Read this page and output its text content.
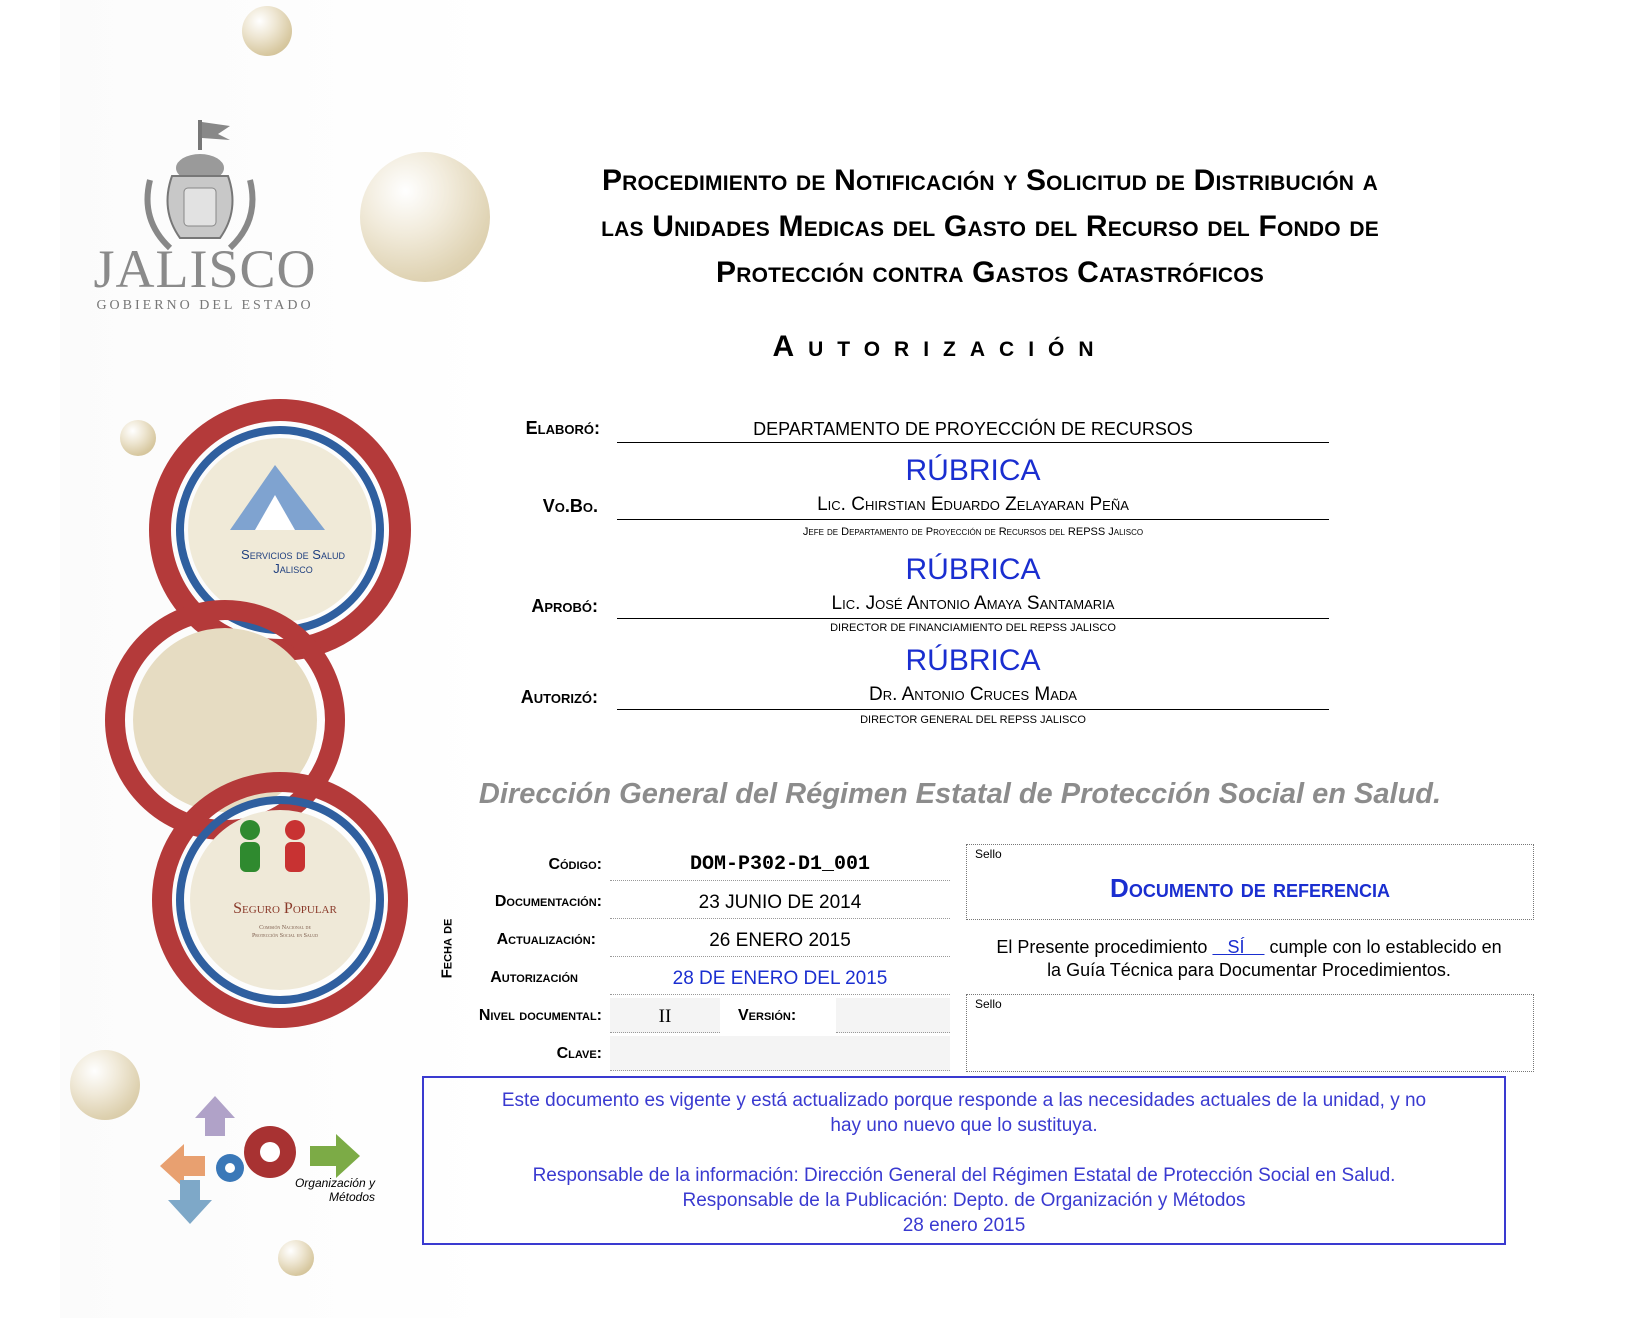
JALISCO
GOBIERNO DEL ESTADO
Servicios de Salud
Jalisco
Seguro Popular
Comisión Nacional de
Protección Social en Salud
Organización y
Métodos
Procedimiento de Notificación y Solicitud de Distribución a
las Unidades Medicas del Gasto del Recurso del Fondo de
Protección contra Gastos Catastróficos
Autorización
Elaboró:	DEPARTAMENTO DE PROYECCIÓN DE RECURSOS
RÚBRICA
Vo.Bo.	Lic. Chirstian Eduardo Zelayaran Peña
Jefe de Departamento de Proyección de Recursos del REPSS Jalisco
RÚBRICA
Aprobó:	Lic. José Antonio Amaya Santamaria
DIRECTOR DE FINANCIAMIENTO DEL REPSS JALISCO
RÚBRICA
Autorizó:	Dr. Antonio Cruces Mada
DIRECTOR GENERAL DEL REPSS JALISCO
Dirección General del Régimen Estatal de Protección Social en Salud.
Código:	DOM-P302-D1_001
Fecha de
Documentación:	23 JUNIO DE 2014
Actualización:	26 ENERO 2015
Autorización	28 DE ENERO DEL 2015
Nivel documental:	II	Versión:
Clave:
Sello
Documento de referencia
El Presente procedimiento    SÍ     cumple con lo establecido en
la Guía Técnica para Documentar Procedimientos.
Sello
Este documento es vigente y está actualizado porque responde a las necesidades actuales de la unidad, y no
hay uno nuevo que lo sustituya.
Responsable de la información: Dirección General del Régimen Estatal de Protección Social en Salud.
Responsable de la Publicación: Depto. de Organización y Métodos
28 enero 2015
